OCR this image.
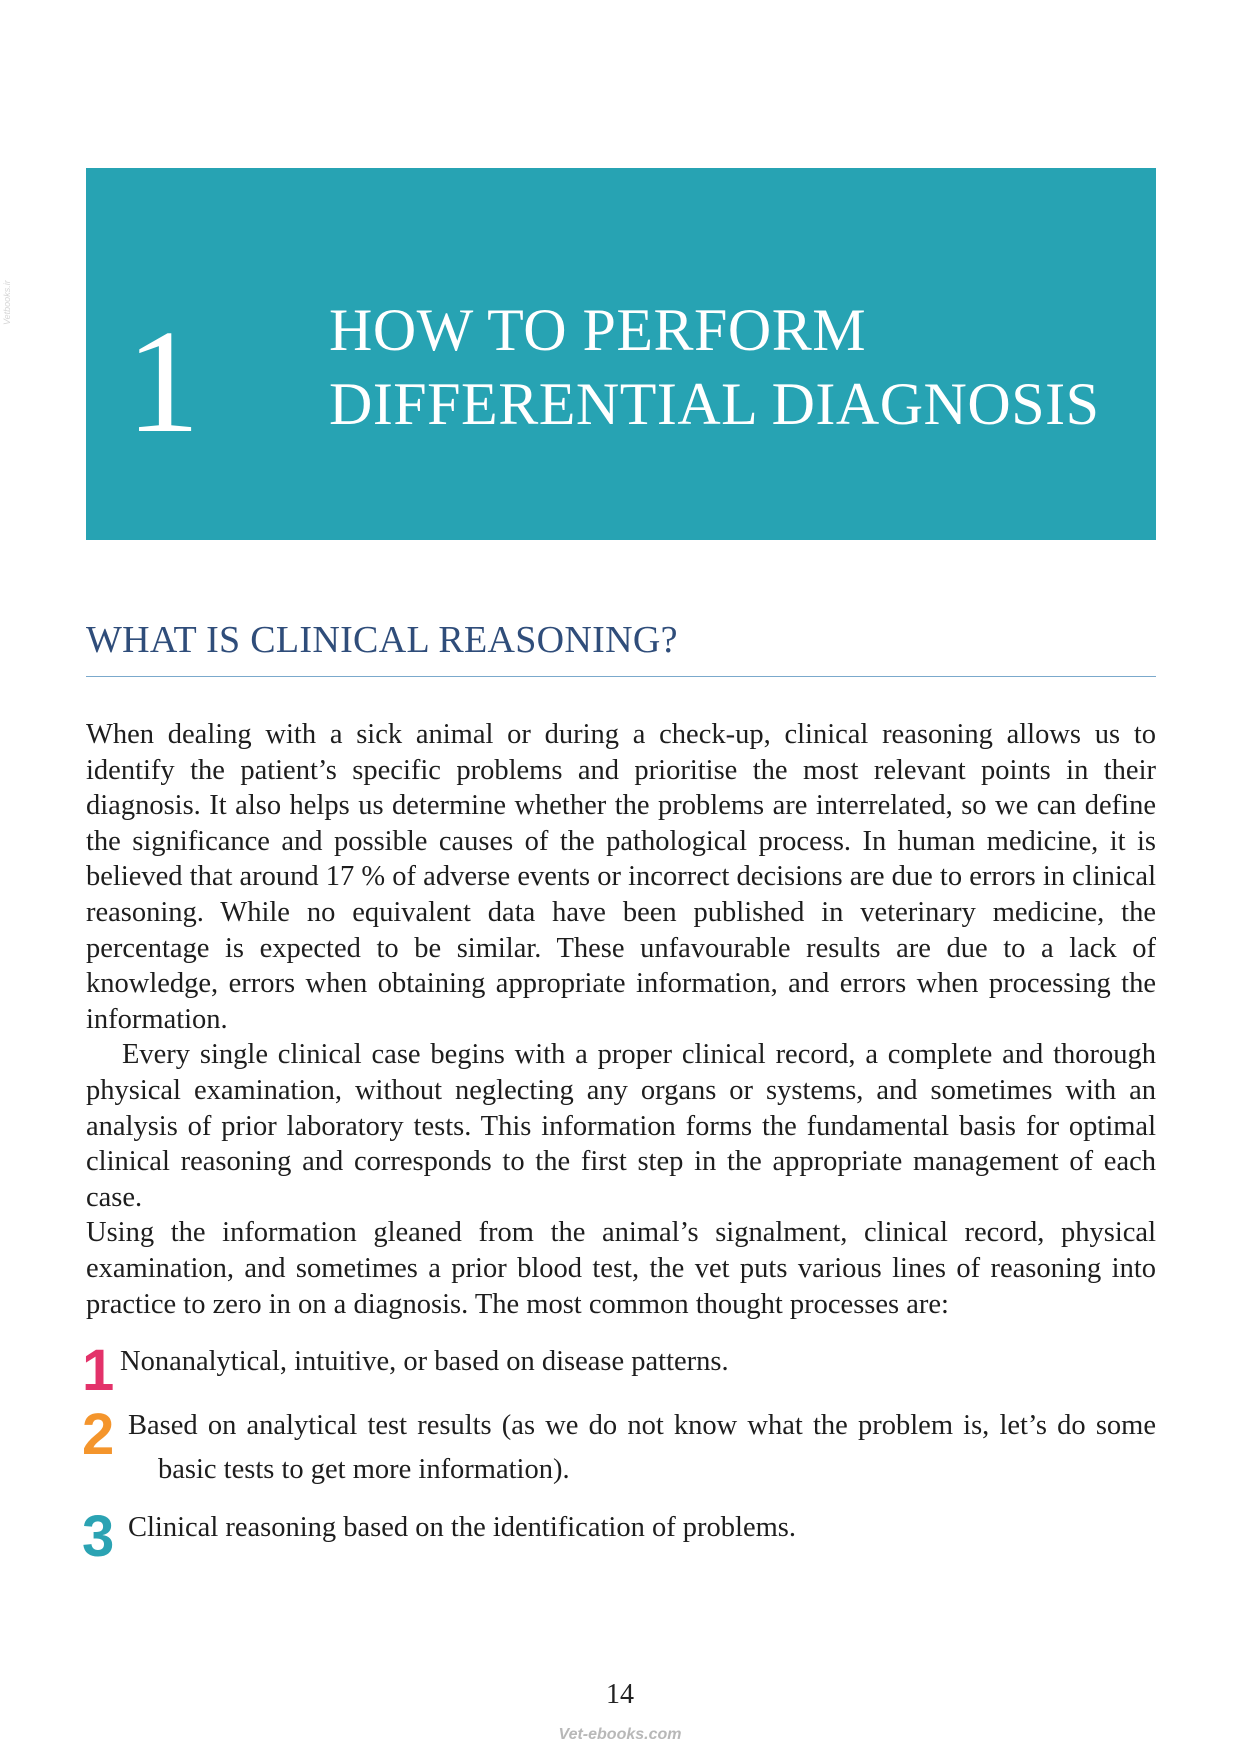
Vetbooks.ir 1 HOW TO PERFORM
DIFFERENTIAL DIAGNOSIS
WHAT IS CLINICAL REASONING?

When dealing with a sick animal or during a check-up, clinical reasoning allows us to identify the patient’s specific problems and prioritise the most relevant points in their diagnosis. It also helps us determine whether the problems are interrelated, so we can define the significance and possible causes of the pathological process. In human medicine, it is believed that around 17 % of adverse events or incorrect decisions are due to errors in clinical reasoning. While no equivalent data have been published in veterinary medicine, the percentage is expected to be similar. These unfavourable results are due to a lack of knowledge, errors when obtaining appropriate information, and errors when processing the information.

Every single clinical case begins with a proper clinical record, a complete and thorough physical examination, without neglecting any organs or systems, and sometimes with an analysis of prior laboratory tests. This information forms the fundamental basis for optimal clinical reasoning and corresponds to the first step in the appropriate management of each case.

Using the information gleaned from the animal’s signalment, clinical record, physical examination, and sometimes a prior blood test, the vet puts various lines of reasoning into practice to zero in on a diagnosis. The most common thought processes are:

1 Nonanalytical, intuitive, or based on disease patterns.
2 Based on analytical test results (as we do not know what the problem is, let’s do some basic tests to get more information).
3 Clinical reasoning based on the identification of problems.
14
Vet-ebooks.com
